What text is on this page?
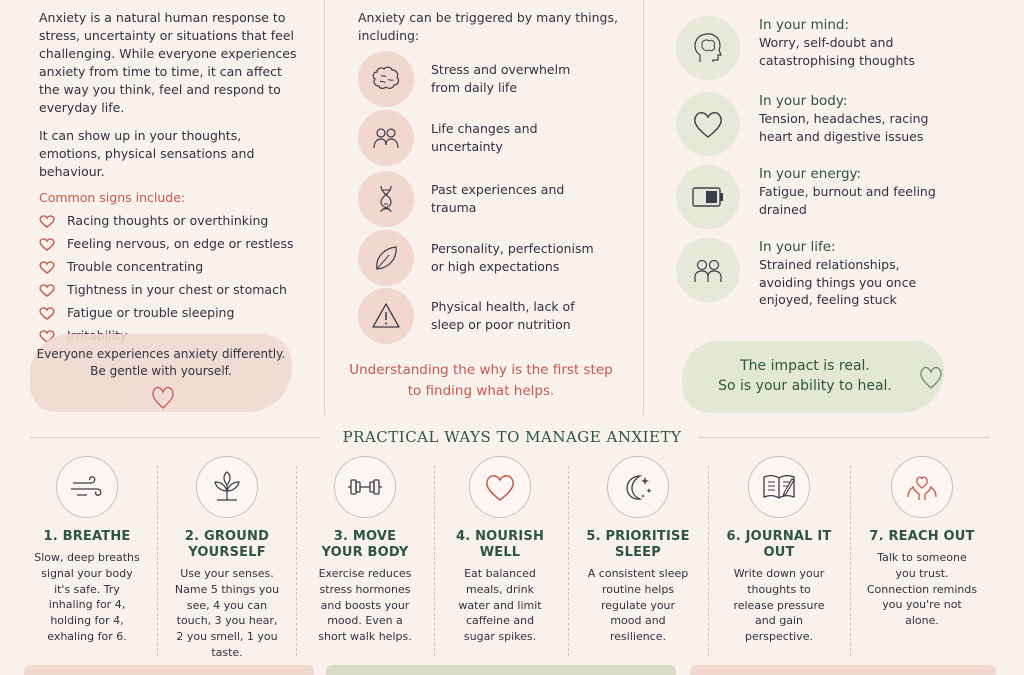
Anxiety is a natural human response to stress, uncertainty or situations that feel challenging. While everyone experiences anxiety from time to time, it can affect the way you think, feel and respond to everyday life.

It can show up in your thoughts, emotions, physical sensations and behaviour.

Common signs include:
Racing thoughts or overthinking
Feeling nervous, on edge or restless
Trouble concentrating
Tightness in your chest or stomach
Fatigue or trouble sleeping
Everyone experiences anxiety differently. Be gentle with yourself.

Anxiety can be triggered by many things, including:

Stress and overwhelm from daily life
Life changes and uncertainty
Past experiences and trauma
Personality, perfectionism or high expectations
Physical health, lack of sleep or poor nutrition
Understanding the why is the first step to finding what helps.
In your mind:
Worry, self-doubt and catastrophising thoughts
In your body:
Tension, headaches, racing heart and digestive issues
In your energy:
Fatigue, burnout and feeling drained
In your life:
Strained relationships, avoiding things you once enjoyed, feeling stuck
The impact is real.
So is your ability to heal.
PRACTICAL WAYS TO MANAGE ANXIETY
1. BREATHE
Slow, deep breaths signal your body it's safe. Try inhaling for 4, holding for 4, exhaling for 6.
2. GROUND YOURSELF
Use your senses. Name 5 things you see, 4 you can touch, 3 you hear, 2 you smell, 1 you taste.
3. MOVE YOUR BODY
Exercise reduces stress hormones and boosts your mood. Even a short walk helps.
4. NOURISH WELL
Eat balanced meals, drink water and limit caffeine and sugar spikes.
5. PRIORITISE SLEEP
A consistent sleep routine helps regulate your mood and resilience.
6. JOURNAL IT OUT
Write down your thoughts to release pressure and gain perspective.
7. REACH OUT
Talk to someone you trust. Connection reminds you you're not alone.
